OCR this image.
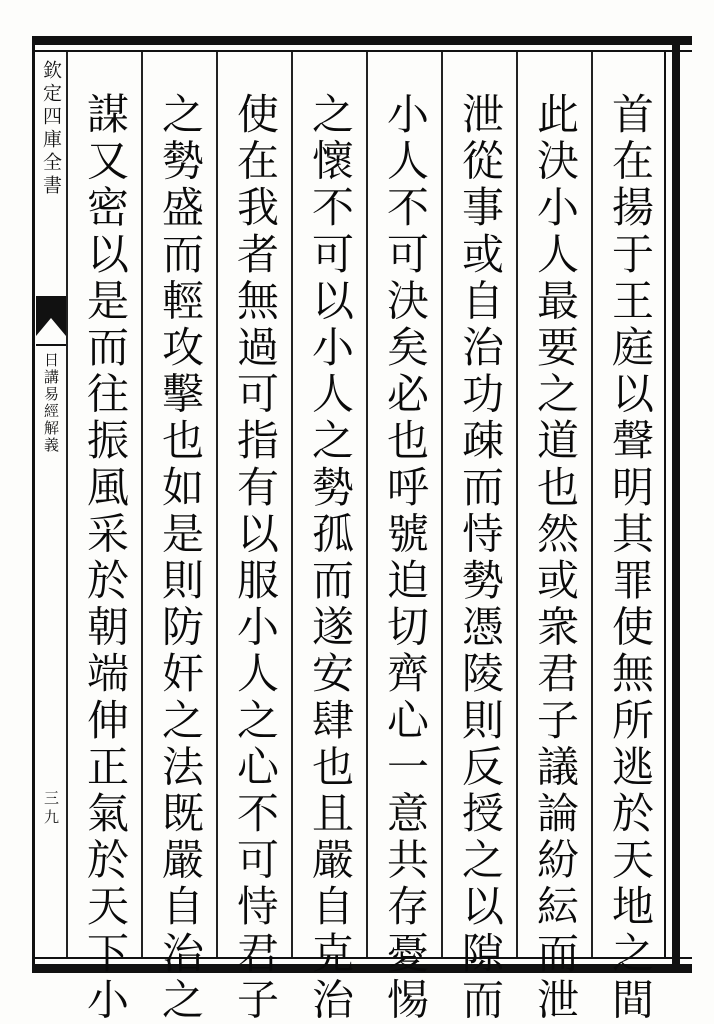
欽定四庫全書
日講易經解義
三九	首在揚于王庭以聲明其罪使無所逃於天地之間
此決小人最要之道也然或衆君子議論紛紜而泄
泄從事或自治功疎而恃勢憑陵則反授之以隙而
小人不可決矣必也呼號迫切齊心一意共存憂惕
之懷不可以小人之勢孤而遂安肆也且嚴自克治
使在我者無過可指有以服小人之心不可恃君子
之勢盛而輕攻擊也如是則防奸之法既嚴自治之
謀又密以是而往振風采於朝端伸正氣於天下小
